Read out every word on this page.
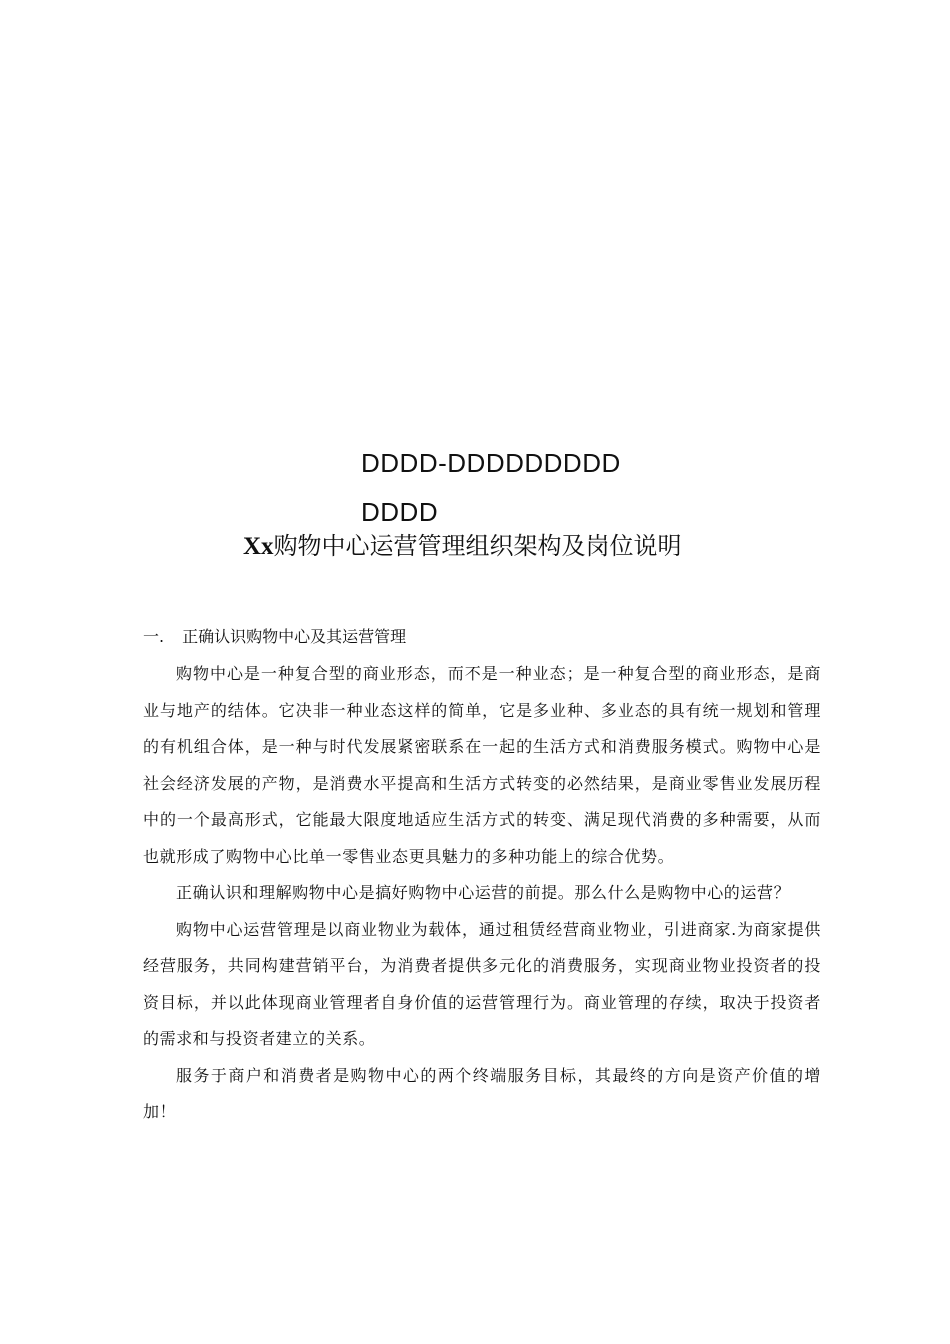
DDDD-DDDDDDDDD
DDDD
Xx购物中心运营管理组织架构及岗位说明
一. 正确认识购物中心及其运营管理

购物中心是一种复合型的商业形态，而不是一种业态；是一种复合型的商业形态，是商业与地产的结体。它决非一种业态这样的简单，它是多业种、多业态的具有统一规划和管理的有机组合体，是一种与时代发展紧密联系在一起的生活方式和消费服务模式。购物中心是社会经济发展的产物，是消费水平提高和生活方式转变的必然结果，是商业零售业发展历程中的一个最高形式，它能最大限度地适应生活方式的转变、满足现代消费的多种需要，从而也就形成了购物中心比单一零售业态更具魅力的多种功能上的综合优势。

正确认识和理解购物中心是搞好购物中心运营的前提。那么什么是购物中心的运营？

购物中心运营管理是以商业物业为载体，通过租赁经营商业物业，引进商家.为商家提供经营服务，共同构建营销平台，为消费者提供多元化的消费服务，实现商业物业投资者的投资目标，并以此体现商业管理者自身价值的运营管理行为。商业管理的存续，取决于投资者的需求和与投资者建立的关系。

服务于商户和消费者是购物中心的两个终端服务目标，其最终的方向是资产价值的增加！
